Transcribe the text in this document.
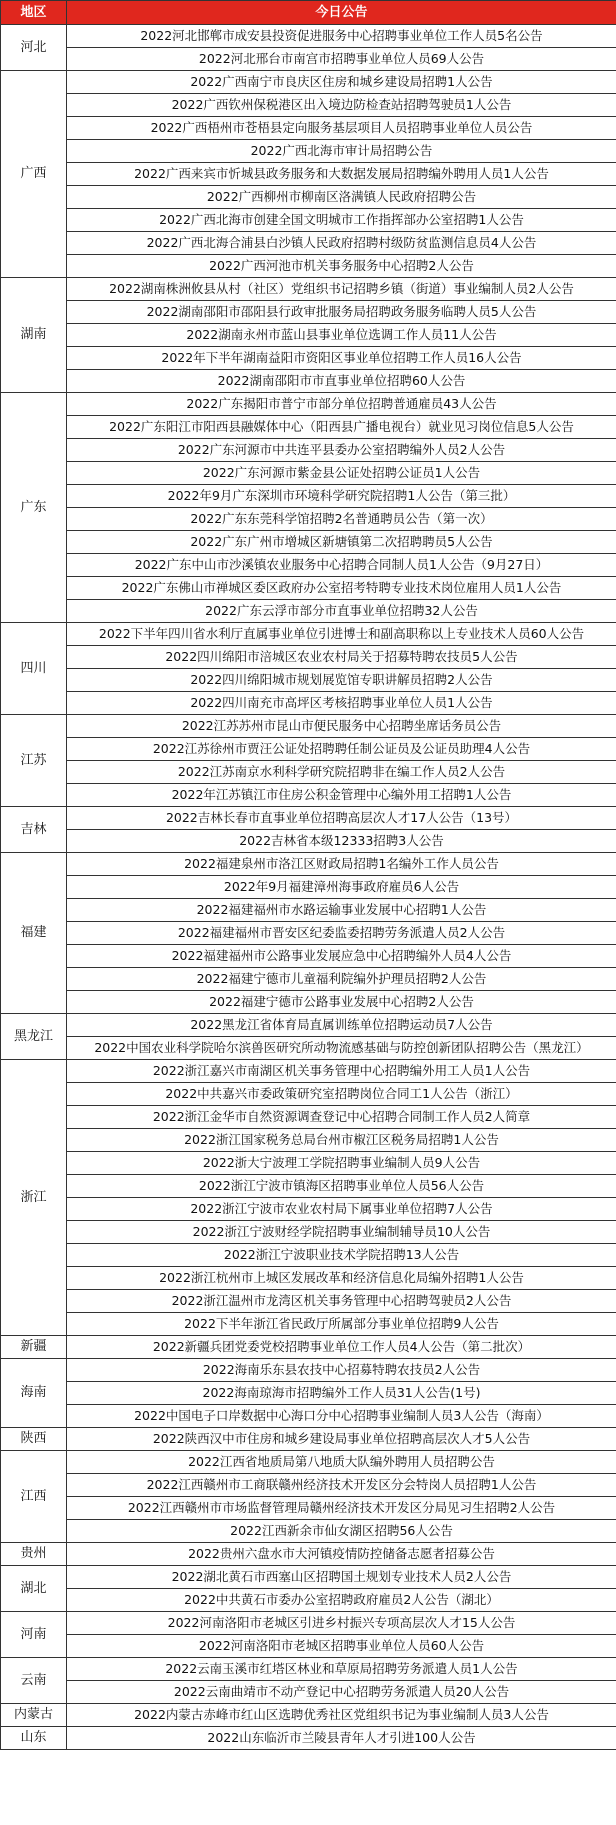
地区	今日公告
河北	2022河北邯郸市成安县投资促进服务中心招聘事业单位工作人员5名公告
	2022河北邢台市南宫市招聘事业单位人员69人公告
广西	2022广西南宁市良庆区住房和城乡建设局招聘1人公告
	2022广西钦州保税港区出入境边防检查站招聘驾驶员1人公告
	2022广西梧州市苍梧县定向服务基层项目人员招聘事业单位人员公告
	2022广西北海市审计局招聘公告
	2022广西来宾市忻城县政务服务和大数据发展局招聘编外聘用人员1人公告
	2022广西柳州市柳南区洛满镇人民政府招聘公告
	2022广西北海市创建全国文明城市工作指挥部办公室招聘1人公告
	2022广西北海合浦县白沙镇人民政府招聘村级防贫监测信息员4人公告
	2022广西河池市机关事务服务中心招聘2人公告
湖南	2022湖南株洲攸县从村（社区）党组织书记招聘乡镇（街道）事业编制人员2人公告
	2022湖南邵阳市邵阳县行政审批服务局招聘政务服务临聘人员5人公告
	2022湖南永州市蓝山县事业单位选调工作人员11人公告
	2022年下半年湖南益阳市资阳区事业单位招聘工作人员16人公告
	2022湖南邵阳市市直事业单位招聘60人公告
广东	2022广东揭阳市普宁市部分单位招聘普通雇员43人公告
	2022广东阳江市阳西县融媒体中心（阳西县广播电视台）就业见习岗位信息5人公告
	2022广东河源市中共连平县委办公室招聘编外人员2人公告
	2022广东河源市紫金县公证处招聘公证员1人公告
	2022年9月广东深圳市环境科学研究院招聘1人公告（第三批）
	2022广东东莞科学馆招聘2名普通聘员公告（第一次）
	2022广东广州市增城区新塘镇第二次招聘聘员5人公告
	2022广东中山市沙溪镇农业服务中心招聘合同制人员1人公告（9月27日）
	2022广东佛山市禅城区委区政府办公室招考特聘专业技术岗位雇用人员1人公告
	2022广东云浮市部分市直事业单位招聘32人公告
四川	2022下半年四川省水利厅直属事业单位引进博士和副高职称以上专业技术人员60人公告
	2022四川绵阳市涪城区农业农村局关于招募特聘农技员5人公告
	2022四川绵阳城市规划展览馆专职讲解员招聘2人公告
	2022四川南充市高坪区考核招聘事业单位人员1人公告
江苏	2022江苏苏州市昆山市便民服务中心招聘坐席话务员公告
	2022江苏徐州市贾汪公证处招聘聘任制公证员及公证员助理4人公告
	2022江苏南京水利科学研究院招聘非在编工作人员2人公告
	2022年江苏镇江市住房公积金管理中心编外用工招聘1人公告
吉林	2022吉林长春市直事业单位招聘高层次人才17人公告（13号）
	2022吉林省本级12333招聘3人公告
福建	2022福建泉州市洛江区财政局招聘1名编外工作人员公告
	2022年9月福建漳州海事政府雇员6人公告
	2022福建福州市水路运输事业发展中心招聘1人公告
	2022福建福州市晋安区纪委监委招聘劳务派遣人员2人公告
	2022福建福州市公路事业发展应急中心招聘编外人员4人公告
	2022福建宁德市儿童福利院编外护理员招聘2人公告
	2022福建宁德市公路事业发展中心招聘2人公告
黑龙江	2022黑龙江省体育局直属训练单位招聘运动员7人公告
	2022中国农业科学院哈尔滨兽医研究所动物流感基础与防控创新团队招聘公告（黑龙江）
浙江	2022浙江嘉兴市南湖区机关事务管理中心招聘编外用工人员1人公告
	2022中共嘉兴市委政策研究室招聘岗位合同工1人公告（浙江）
	2022浙江金华市自然资源调查登记中心招聘合同制工作人员2人简章
	2022浙江国家税务总局台州市椒江区税务局招聘1人公告
	2022浙大宁波理工学院招聘事业编制人员9人公告
	2022浙江宁波市镇海区招聘事业单位人员56人公告
	2022浙江宁波市农业农村局下属事业单位招聘7人公告
	2022浙江宁波财经学院招聘事业编制辅导员10人公告
	2022浙江宁波职业技术学院招聘13人公告
	2022浙江杭州市上城区发展改革和经济信息化局编外招聘1人公告
	2022浙江温州市龙湾区机关事务管理中心招聘驾驶员2人公告
	2022下半年浙江省民政厅所属部分事业单位招聘9人公告
新疆	2022新疆兵团党委党校招聘事业单位工作人员4人公告（第二批次）
海南	2022海南乐东县农技中心招募特聘农技员2人公告
	2022海南琼海市招聘编外工作人员31人公告(1号)
	2022中国电子口岸数据中心海口分中心招聘事业编制人员3人公告（海南）
陕西	2022陕西汉中市住房和城乡建设局事业单位招聘高层次人才5人公告
江西	2022江西省地质局第八地质大队编外聘用人员招聘公告
	2022江西赣州市工商联赣州经济技术开发区分会特岗人员招聘1人公告
	2022江西赣州市市场监督管理局赣州经济技术开发区分局见习生招聘2人公告
	2022江西新余市仙女湖区招聘56人公告
贵州	2022贵州六盘水市大河镇疫情防控储备志愿者招募公告
湖北	2022湖北黄石市西塞山区招聘国土规划专业技术人员2人公告
	2022中共黄石市委办公室招聘政府雇员2人公告（湖北）
河南	2022河南洛阳市老城区引进乡村振兴专项高层次人才15人公告
	2022河南洛阳市老城区招聘事业单位人员60人公告
云南	2022云南玉溪市红塔区林业和草原局招聘劳务派遣人员1人公告
	2022云南曲靖市不动产登记中心招聘劳务派遣人员20人公告
内蒙古	2022内蒙古赤峰市红山区选聘优秀社区党组织书记为事业编制人员3人公告
山东	2022山东临沂市兰陵县青年人才引进100人公告
